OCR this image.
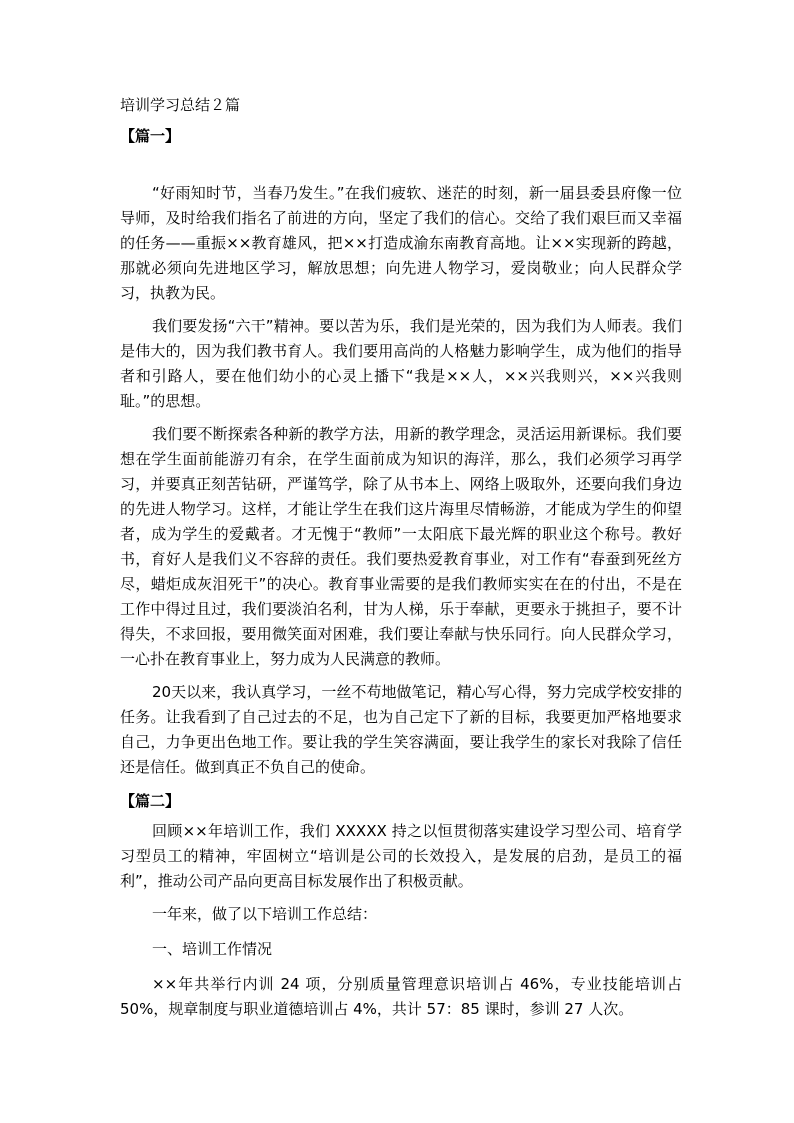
培训学习总结２篇

【篇一】

“好雨知时节，当春乃发生。”在我们疲软、迷茫的时刻，新一届县委县府像一位导师，及时给我们指名了前进的方向，坚定了我们的信心。交给了我们艰巨而又幸福的任务——重振××教育雄风，把××打造成渝东南教育高地。让××实现新的跨越，那就必须向先进地区学习，解放思想；向先进人物学习，爱岗敬业；向人民群众学习，执教为民。

我们要发扬“六干”精神。要以苦为乐，我们是光荣的，因为我们为人师表。我们是伟大的，因为我们教书育人。我们要用高尚的人格魅力影响学生，成为他们的指导者和引路人，要在他们幼小的心灵上播下“我是××人，××兴我则兴，××兴我则耻。”的思想。

我们要不断探索各种新的教学方法，用新的教学理念，灵活运用新课标。我们要想在学生面前能游刃有余，在学生面前成为知识的海洋，那么，我们必须学习再学习，并要真正刻苦钻研，严谨笃学，除了从书本上、网络上吸取外，还要向我们身边的先进人物学习。这样，才能让学生在我们这片海里尽情畅游，才能成为学生的仰望者，成为学生的爱戴者。才无愧于“教师”一太阳底下最光辉的职业这个称号。教好书，育好人是我们义不容辞的责任。我们要热爱教育事业，对工作有“春蚕到死丝方尽，蜡炬成灰泪死干”的决心。教育事业需要的是我们教师实实在在的付出，不是在工作中得过且过，我们要淡泊名利，甘为人梯，乐于奉献，更要永于挑担子，要不计得失，不求回报，要用微笑面对困难，我们要让奉献与快乐同行。向人民群众学习，一心扑在教育事业上，努力成为人民满意的教师。

20天以来，我认真学习，一丝不苟地做笔记，精心写心得，努力完成学校安排的任务。让我看到了自己过去的不足，也为自己定下了新的目标，我要更加严格地要求自己，力争更出色地工作。要让我的学生笑容满面，要让我学生的家长对我除了信任还是信任。做到真正不负自己的使命。

【篇二】

回顾××年培训工作，我们 XXXXX 持之以恒贯彻落实建设学习型公司、培育学习型员工的精神，牢固树立“培训是公司的长效投入，是发展的启劲，是员工的福利”，推动公司产品向更高目标发展作出了积极贡献。

一年来，做了以下培训工作总结：

一、培训工作情况

××年共举行内训 24 项，分别质量管理意识培训占 46%，专业技能培训占 50%，规章制度与职业道德培训占 4%，共计 57：85 课时，参训 27 人次。
